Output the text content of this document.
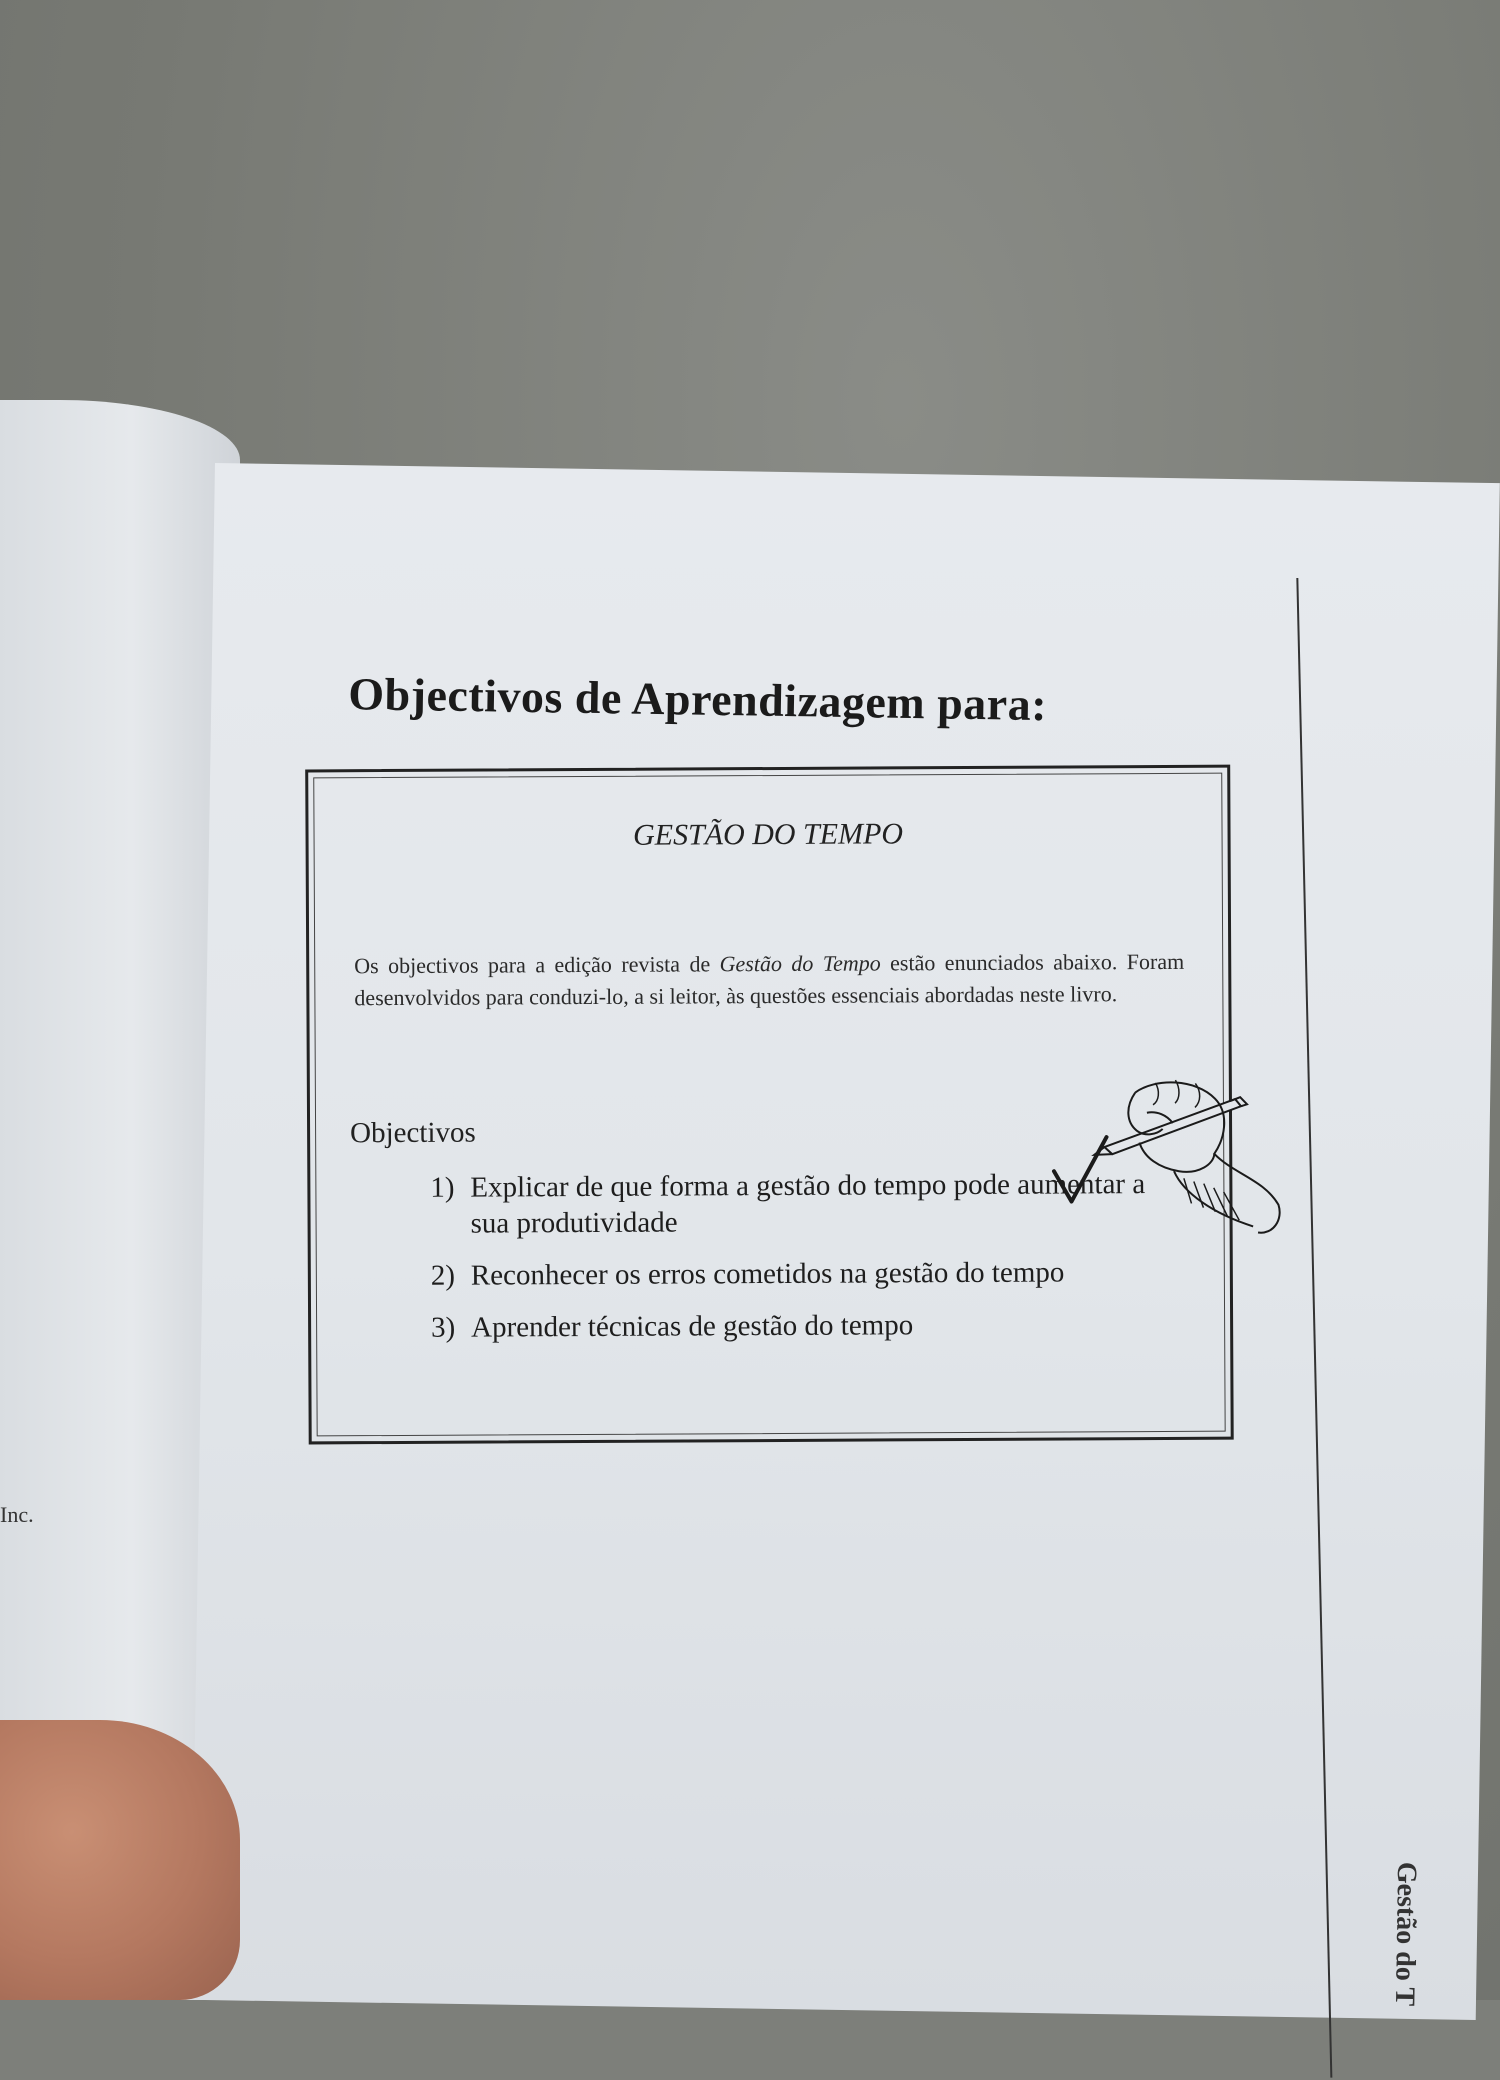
Inc.
Gestão do T
Objectivos de Aprendizagem para:
GESTÃO DO TEMPO

Os objectivos para a edição revista de Gestão do Tempo estão enunciados abaixo. Foram desenvolvidos para conduzi-lo, a si leitor, às questões essenciais abordadas neste livro.

Objectivos
1) Explicar de que forma a gestão do tempo pode aumentar a sua produtividade
2) Reconhecer os erros cometidos na gestão do tempo
3) Aprender técnicas de gestão do tempo
